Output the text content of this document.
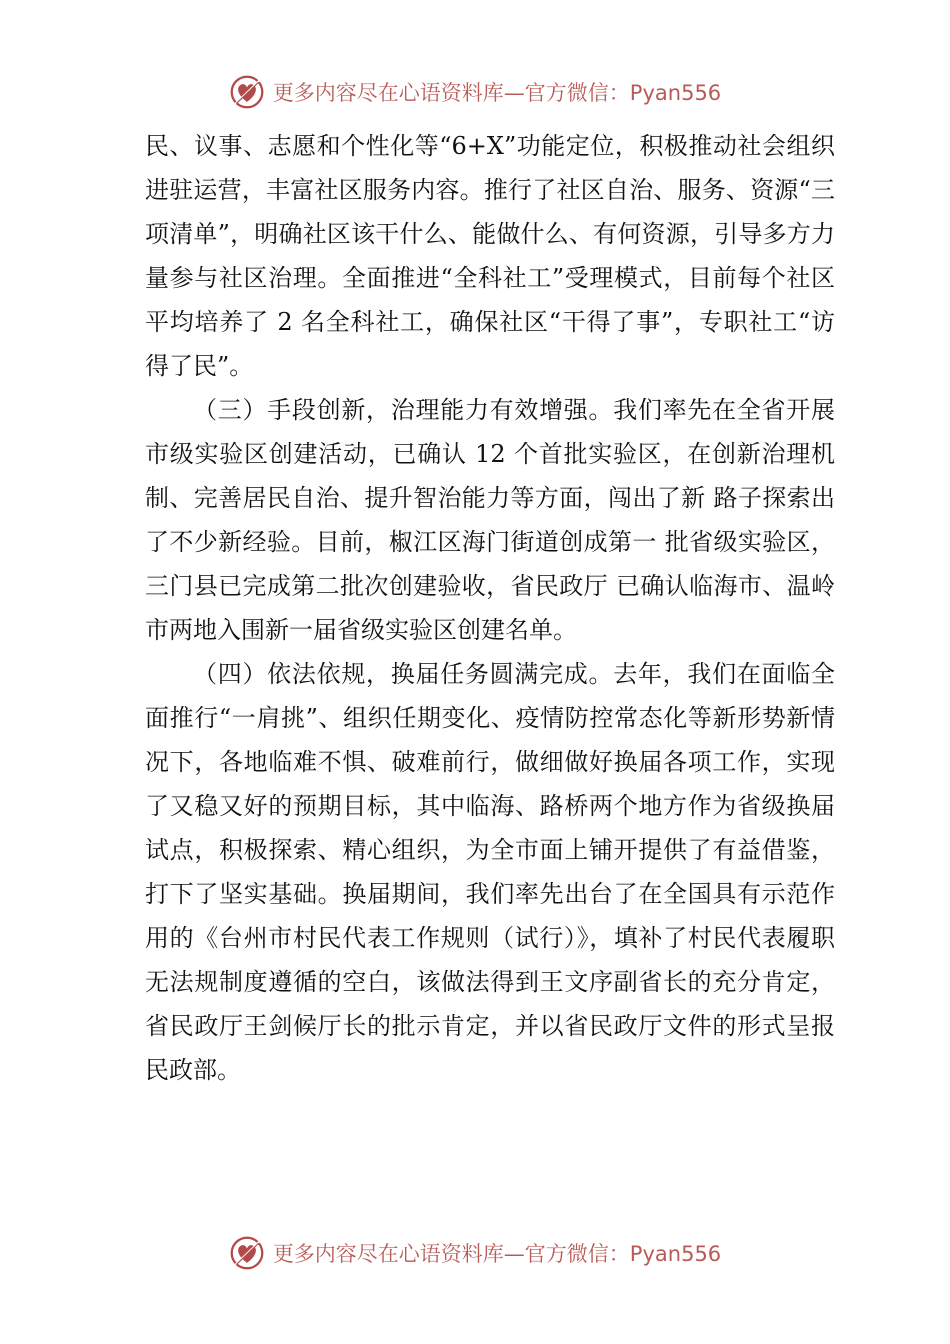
更多内容尽在心语资料库—官方微信：Pyan556

民、议事、志愿和个性化等“6+X”功能定位，积极推动社会组织进驻运营，丰富社区服务内容。推行了社区自治、服务、资源“三项清单”，明确社区该干什么、能做什么、有何资源，引导多方力量参与社区治理。全面推进“全科社工”受理模式，目前每个社区平均培养了 2 名全科社工，确保社区“干得了事”，专职社工“访得了民”。

（三）手段创新，治理能力有效增强。我们率先在全省开展市级实验区创建活动，已确认 12 个首批实验区，在创新治理机制、完善居民自治、提升智治能力等方面，闯出了新 路子探索出了不少新经验。目前，椒江区海门街道创成第一 批省级实验区，三门县已完成第二批次创建验收，省民政厅 已确认临海市、温岭市两地入围新一届省级实验区创建名单。

（四）依法依规，换届任务圆满完成。去年，我们在面临全面推行“一肩挑”、组织任期变化、疫情防控常态化等新形势新情况下，各地临难不惧、破难前行，做细做好换届各项工作，实现了又稳又好的预期目标，其中临海、路桥两个地方作为省级换届试点，积极探索、精心组织，为全市面上铺开提供了有益借鉴，打下了坚实基础。换届期间，我们率先出台了在全国具有示范作用的《台州市村民代表工作规则（试行）》，填补了村民代表履职无法规制度遵循的空白，该做法得到王文序副省长的充分肯定，省民政厅王剑候厅长的批示肯定，并以省民政厅文件的形式呈报民政部。

更多内容尽在心语资料库—官方微信：Pyan556
